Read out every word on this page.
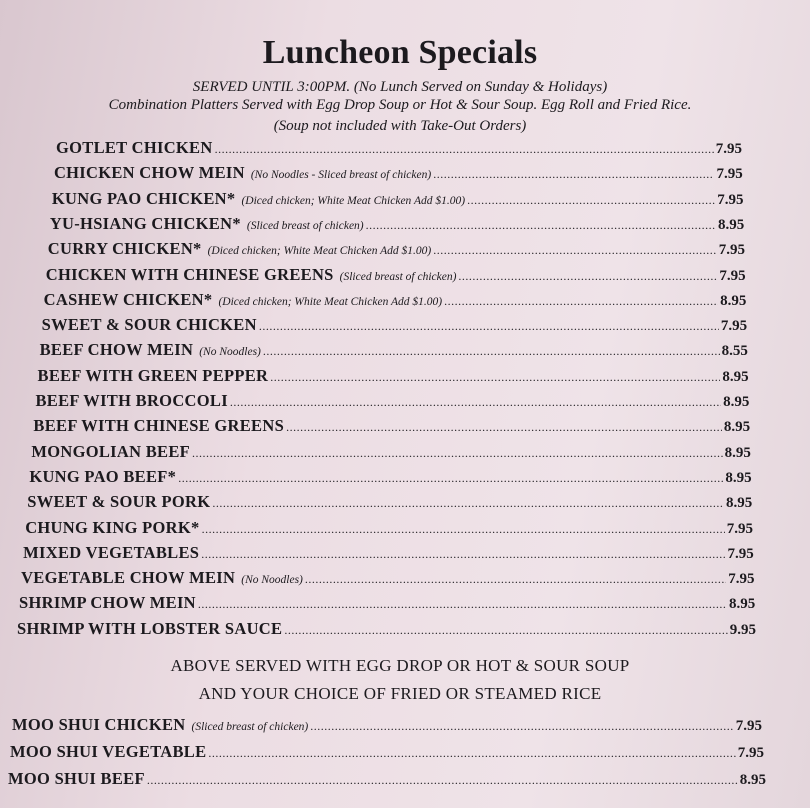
Luncheon Specials
SERVED UNTIL 3:00PM. (No Lunch Served on Sunday & Holidays)
Combination Platters Served with Egg Drop Soup or Hot & Sour Soup. Egg Roll and Fried Rice.
(Soup not included with Take-Out Orders)
GOTLET CHICKEN .....	7.95
CHICKEN CHOW MEIN (No Noodles - Sliced breast of chicken) .....	7.95
KUNG PAO CHICKEN* (Diced chicken; White Meat Chicken Add $1.00) .....	7.95
YU-HSIANG CHICKEN* (Sliced breast of chicken) .....	8.95
CURRY CHICKEN* (Diced chicken; White Meat Chicken Add $1.00) .....	7.95
CHICKEN WITH CHINESE GREENS (Sliced breast of chicken) .....	7.95
CASHEW CHICKEN* (Diced chicken; White Meat Chicken Add $1.00) .....	8.95
SWEET & SOUR CHICKEN .....	7.95
BEEF CHOW MEIN (No Noodles) .....	8.55
BEEF WITH GREEN PEPPER .....	8.95
BEEF WITH BROCCOLI .....	8.95
BEEF WITH CHINESE GREENS .....	8.95
MONGOLIAN BEEF .....	8.95
KUNG PAO BEEF* .....	8.95
SWEET & SOUR PORK .....	8.95
CHUNG KING PORK* .....	7.95
MIXED VEGETABLES .....	7.95
VEGETABLE CHOW MEIN (No Noodles) .....	7.95
SHRIMP CHOW MEIN .....	8.95
SHRIMP WITH LOBSTER SAUCE .....	9.95
ABOVE SERVED WITH EGG DROP OR HOT & SOUR SOUP
AND YOUR CHOICE OF FRIED OR STEAMED RICE
MOO SHUI CHICKEN (Sliced breast of chicken) .....	7.95
MOO SHUI VEGETABLE .....	7.95
MOO SHUI BEEF .....	8.95
